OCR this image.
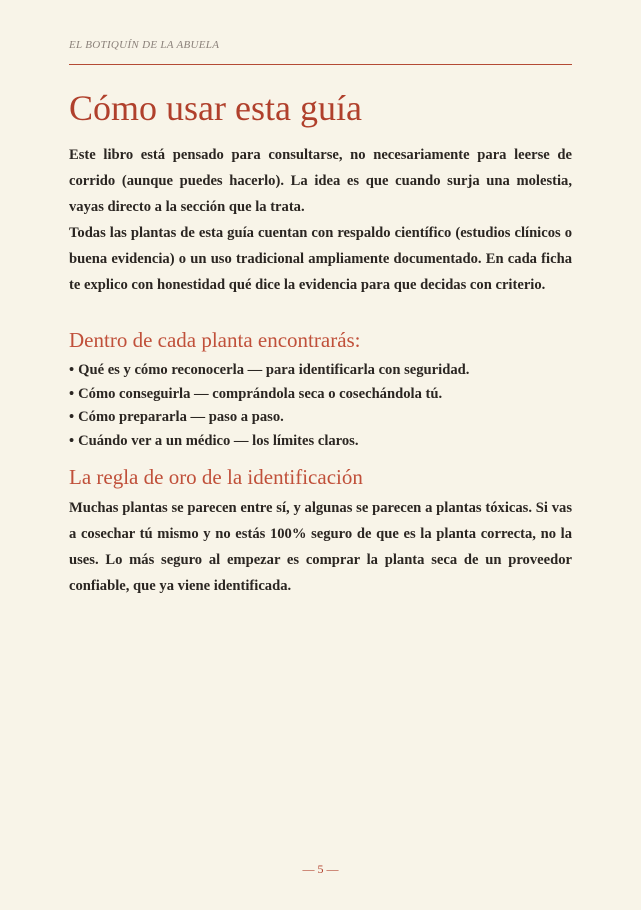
EL BOTIQUÍN DE LA ABUELA
Cómo usar esta guía

Este libro está pensado para consultarse, no necesariamente para leerse de corrido (aunque puedes hacerlo). La idea es que cuando surja una molestia, vayas directo a la sección que la trata.

Todas las plantas de esta guía cuentan con respaldo científico (estudios clínicos o buena evidencia) o un uso tradicional ampliamente documentado. En cada ficha te explico con honestidad qué dice la evidencia para que decidas con criterio.

Dentro de cada planta encontrarás:
• Qué es y cómo reconocerla — para identificarla con seguridad.
• Cómo conseguirla — comprándola seca o cosechándola tú.
• Cómo prepararla — paso a paso.
• Cuándo ver a un médico — los límites claros.
La regla de oro de la identificación

Muchas plantas se parecen entre sí, y algunas se parecen a plantas tóxicas. Si vas a cosechar tú mismo y no estás 100% seguro de que es la planta correcta, no la uses. Lo más seguro al empezar es comprar la planta seca de un proveedor confiable, que ya viene identificada.

— 5 —
